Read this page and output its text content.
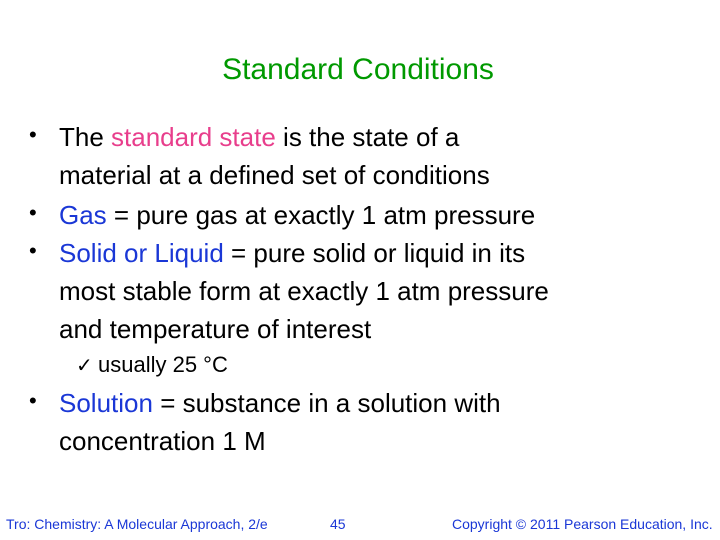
Standard Conditions
• The standard state is the state of a
material at a defined set of conditions
• Gas = pure gas at exactly 1 atm pressure
• Solid or Liquid = pure solid or liquid in its
most stable form at exactly 1 atm pressure
and temperature of interest
✓ usually 25 °C
• Solution = substance in a solution with
concentration 1 M
Tro: Chemistry: A Molecular Approach, 2/e	45	Copyright © 2011 Pearson Education, Inc.
